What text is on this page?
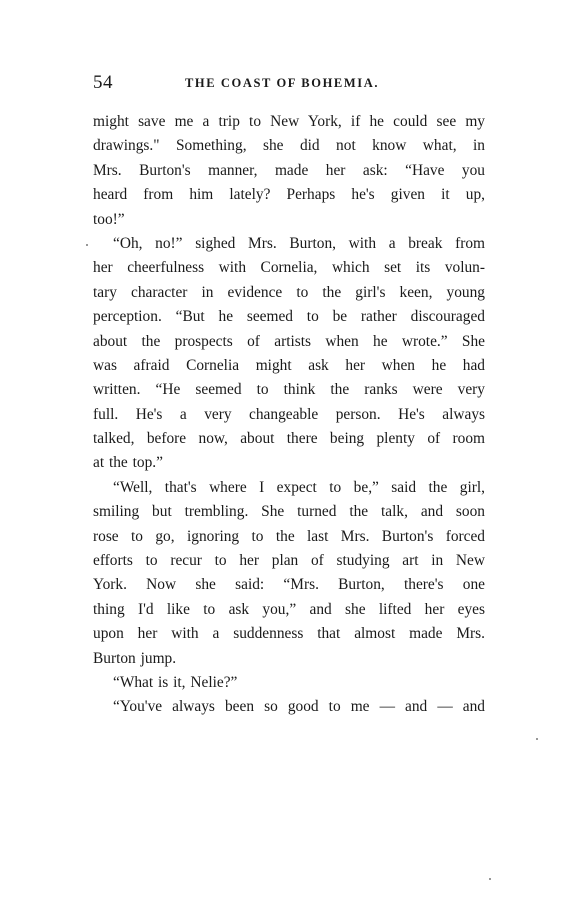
54	THE COAST OF BOHEMIA.
might save me a trip to New York, if he could see my
drawings." Something, she did not know what, in
Mrs. Burton's manner, made her ask: “Have you
heard from him lately? Perhaps he's given it up,
too!”
“Oh, no!” sighed Mrs. Burton, with a break from
her cheerfulness with Cornelia, which set its volun-
tary character in evidence to the girl's keen, young
perception. “But he seemed to be rather discouraged
about the prospects of artists when he wrote.” She
was afraid Cornelia might ask her when he had
written. “He seemed to think the ranks were very
full. He's a very changeable person. He's always
talked, before now, about there being plenty of room
at the top.”
“Well, that's where I expect to be,” said the girl,
smiling but trembling. She turned the talk, and soon
rose to go, ignoring to the last Mrs. Burton's forced
efforts to recur to her plan of studying art in New
York. Now she said: “Mrs. Burton, there's one
thing I'd like to ask you,” and she lifted her eyes
upon her with a suddenness that almost made Mrs.
Burton jump.
“What is it, Nelie?”
“You've always been so good to me — and — and
